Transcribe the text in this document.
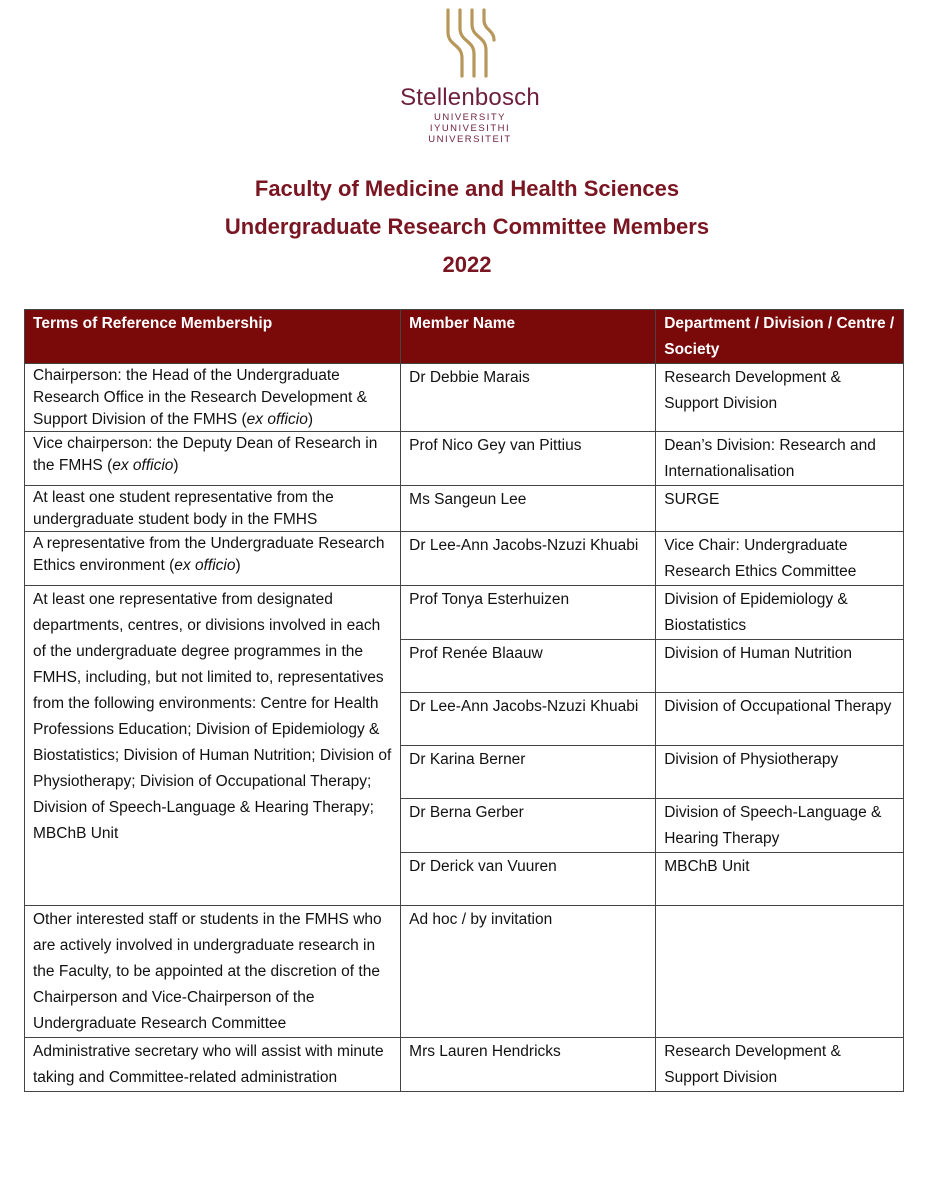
Stellenbosch
UNIVERSITY
IYUNIVESITHI
UNIVERSITEIT
Faculty of Medicine and Health Sciences
Undergraduate Research Committee Members
2022
Terms of Reference Membership	Member Name	Department / Division / Centre / Society
Chairperson: the Head of the Undergraduate Research Office in the Research Development & Support Division of the FMHS (ex officio)	Dr Debbie Marais	Research Development & Support Division
Vice chairperson: the Deputy Dean of Research in the FMHS (ex officio)	Prof Nico Gey van Pittius	Dean’s Division: Research and Internationalisation
At least one student representative from the undergraduate student body in the FMHS	Ms Sangeun Lee	SURGE
A representative from the Undergraduate Research Ethics environment (ex officio)	Dr Lee-Ann Jacobs-Nzuzi Khuabi	Vice Chair: Undergraduate Research Ethics Committee
At least one representative from designated departments, centres, or divisions involved in each of the undergraduate degree programmes in the FMHS, including, but not limited to, representatives from the following environments: Centre for Health Professions Education; Division of Epidemiology & Biostatistics; Division of Human Nutrition; Division of Physiotherapy; Division of Occupational Therapy; Division of Speech-Language & Hearing Therapy; MBChB Unit	Prof Tonya Esterhuizen	Division of Epidemiology & Biostatistics
	Prof Renée Blaauw	Division of Human Nutrition
	Dr Lee-Ann Jacobs-Nzuzi Khuabi	Division of Occupational Therapy
	Dr Karina Berner	Division of Physiotherapy
	Dr Berna Gerber	Division of Speech-Language & Hearing Therapy
	Dr Derick van Vuuren	MBChB Unit
Other interested staff or students in the FMHS who are actively involved in undergraduate research in the Faculty, to be appointed at the discretion of the Chairperson and Vice-Chairperson of the Undergraduate Research Committee	Ad hoc / by invitation	
Administrative secretary who will assist with minute taking and Committee-related administration	Mrs Lauren Hendricks	Research Development & Support Division
